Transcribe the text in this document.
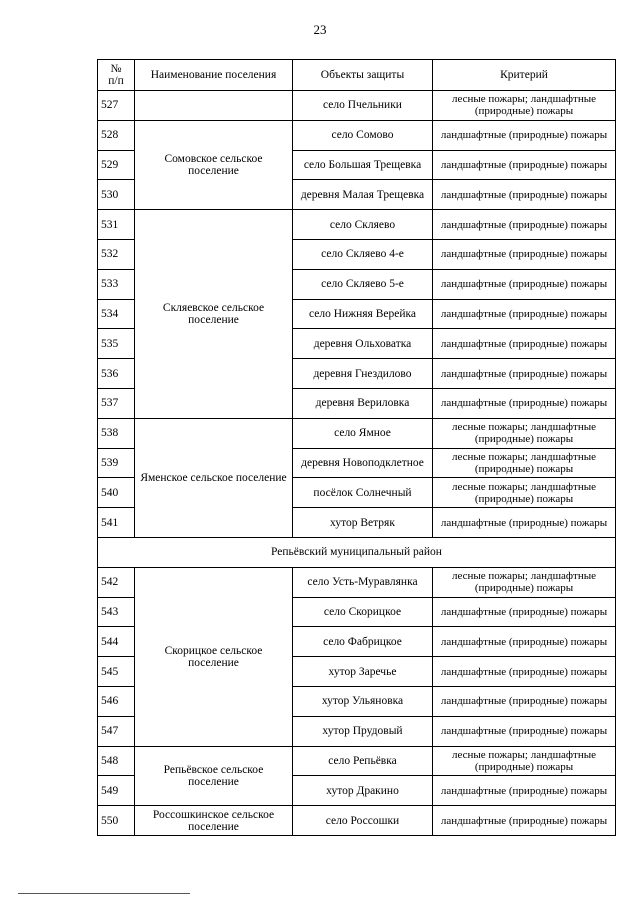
23
№
п/п	Наименование поселения	Объекты защиты	Критерий
527		село Пчельники	лесные пожары; ландшафтные (природные) пожары
528	Сомовское сельское поселение	село Сомово	ландшафтные (природные) пожары
529		село Большая Трещевка	ландшафтные (природные) пожары
530		деревня Малая Трещевка	ландшафтные (природные) пожары
531	Скляевское сельское поселение	село Скляево	ландшафтные (природные) пожары
532		село Скляево 4-е	ландшафтные (природные) пожары
533		село Скляево 5-е	ландшафтные (природные) пожары
534		село Нижняя Верейка	ландшафтные (природные) пожары
535		деревня Ольховатка	ландшафтные (природные) пожары
536		деревня Гнездилово	ландшафтные (природные) пожары
537		деревня Вериловка	ландшафтные (природные) пожары
538	Яменское сельское поселение	село Ямное	лесные пожары; ландшафтные (природные) пожары
539		деревня Новоподклетное	лесные пожары; ландшафтные (природные) пожары
540		посёлок Солнечный	лесные пожары; ландшафтные (природные) пожары
541		хутор Ветряк	ландшафтные (природные) пожары
Репьёвский муниципальный район			
542	Скорицкое сельское поселение	село Усть-Муравлянка	лесные пожары; ландшафтные (природные) пожары
543		село Скорицкое	ландшафтные (природные) пожары
544		село Фабрицкое	ландшафтные (природные) пожары
545		хутор Заречье	ландшафтные (природные) пожары
546		хутор Ульяновка	ландшафтные (природные) пожары
547		хутор Прудовый	ландшафтные (природные) пожары
548	Репьёвское сельское поселение	село Репьёвка	лесные пожары; ландшафтные (природные) пожары
549		хутор Дракино	ландшафтные (природные) пожары
550	Россошкинское сельское поселение	село Россошки	ландшафтные (природные) пожары
